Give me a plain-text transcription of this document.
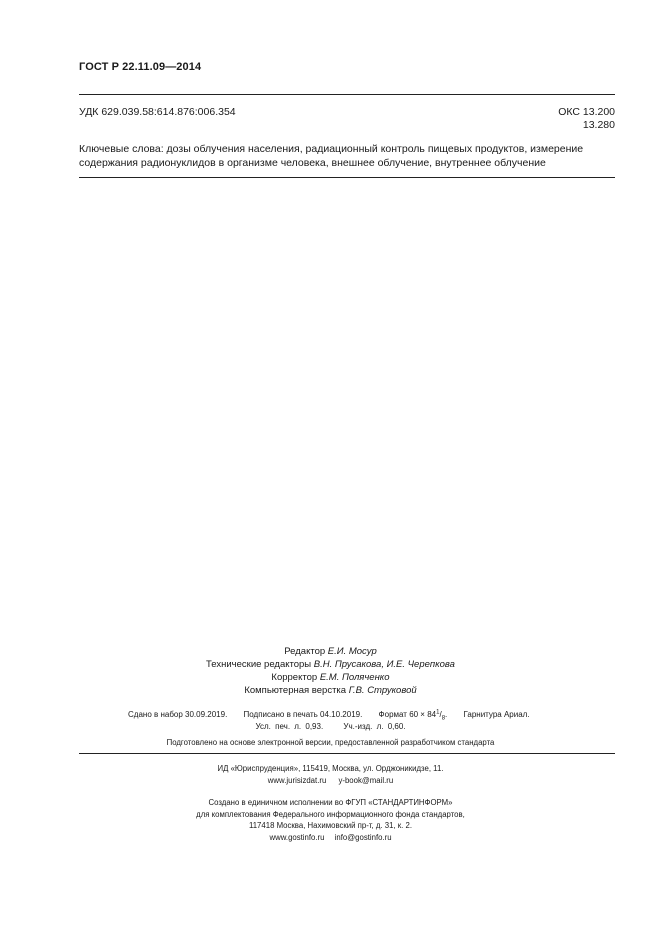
ГОСТ Р 22.11.09—2014
УДК 629.039.58:614.876:006.354	ОКС 13.200
13.280
Ключевые слова: дозы облучения населения, радиационный контроль пищевых продуктов, измерение содержания радионуклидов в организме человека, внешнее облучение, внутреннее облучение
Редактор Е.И. Мосур
Технические редакторы В.Н. Прусакова, И.Е. Черепкова
Корректор Е.М. Поляченко
Компьютерная верстка Г.В. Струковой
Сдано в набор 30.09.2019. Подписано в печать 04.10.2019. Формат $60 \times 84^1/_8$. Гарнитура Ариал.
Усл. печ. л. 0,93.	Уч.-изд. л. 0,60.
Подготовлено на основе электронной версии, предоставленной разработчиком стандарта
ИД «Юриспруденция», 115419, Москва, ул. Орджоникидзе, 11.
www.jurisizdat.ru y-book@mail.ru
Создано в единичном исполнении во ФГУП «СТАНДАРТИНФОРМ»
для комплектования Федерального информационного фонда стандартов,
117418 Москва, Нахимовский пр-т, д. 31, к. 2.
www.gostinfo.ru info@gostinfo.ru
